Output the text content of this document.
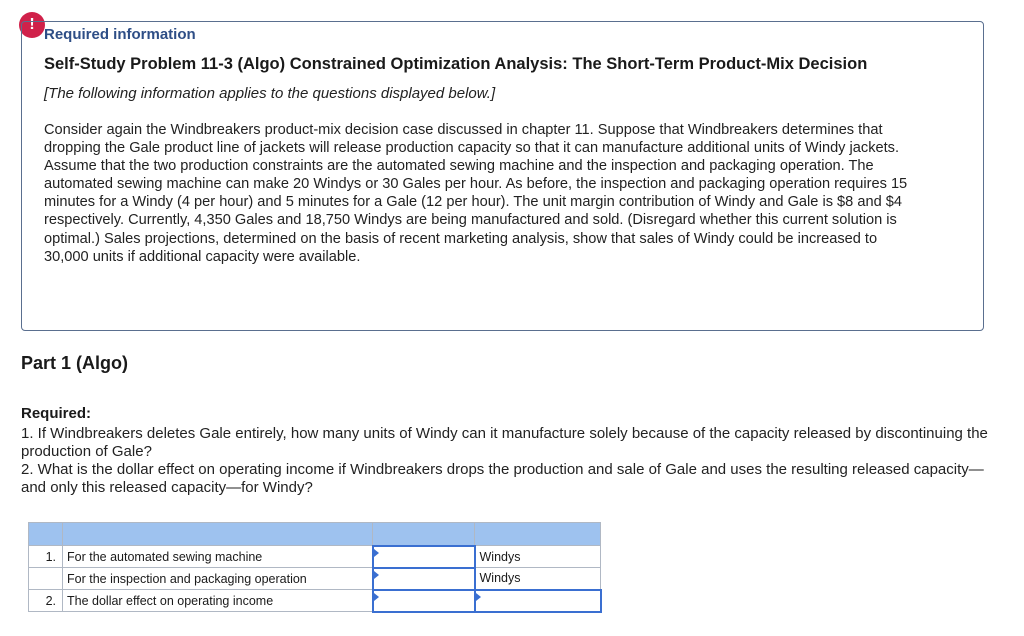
!
Required information
Self-Study Problem 11-3 (Algo) Constrained Optimization Analysis: The Short-Term Product-Mix Decision
[The following information applies to the questions displayed below.]
Consider again the Windbreakers product-mix decision case discussed in chapter 11. Suppose that Windbreakers determines that dropping the Gale product line of jackets will release production capacity so that it can manufacture additional units of Windy jackets. Assume that the two production constraints are the automated sewing machine and the inspection and packaging operation. The automated sewing machine can make 20 Windys or 30 Gales per hour. As before, the inspection and packaging operation requires 15 minutes for a Windy (4 per hour) and 5 minutes for a Gale (12 per hour). The unit margin contribution of Windy and Gale is $8 and $4 respectively. Currently, 4,350 Gales and 18,750 Windys are being manufactured and sold. (Disregard whether this current solution is optimal.) Sales projections, determined on the basis of recent marketing analysis, show that sales of Windy could be increased to 30,000 units if additional capacity were available.
Part 1 (Algo)
Required:
1. If Windbreakers deletes Gale entirely, how many units of Windy can it manufacture solely because of the capacity released by discontinuing the production of Gale?
2. What is the dollar effect on operating income if Windbreakers drops the production and sale of Gale and uses the resulting released capacity—and only this released capacity—for Windy?

1.	For the automated sewing machine		Windys
	For the inspection and packaging operation		Windys
2.	The dollar effect on operating income	
